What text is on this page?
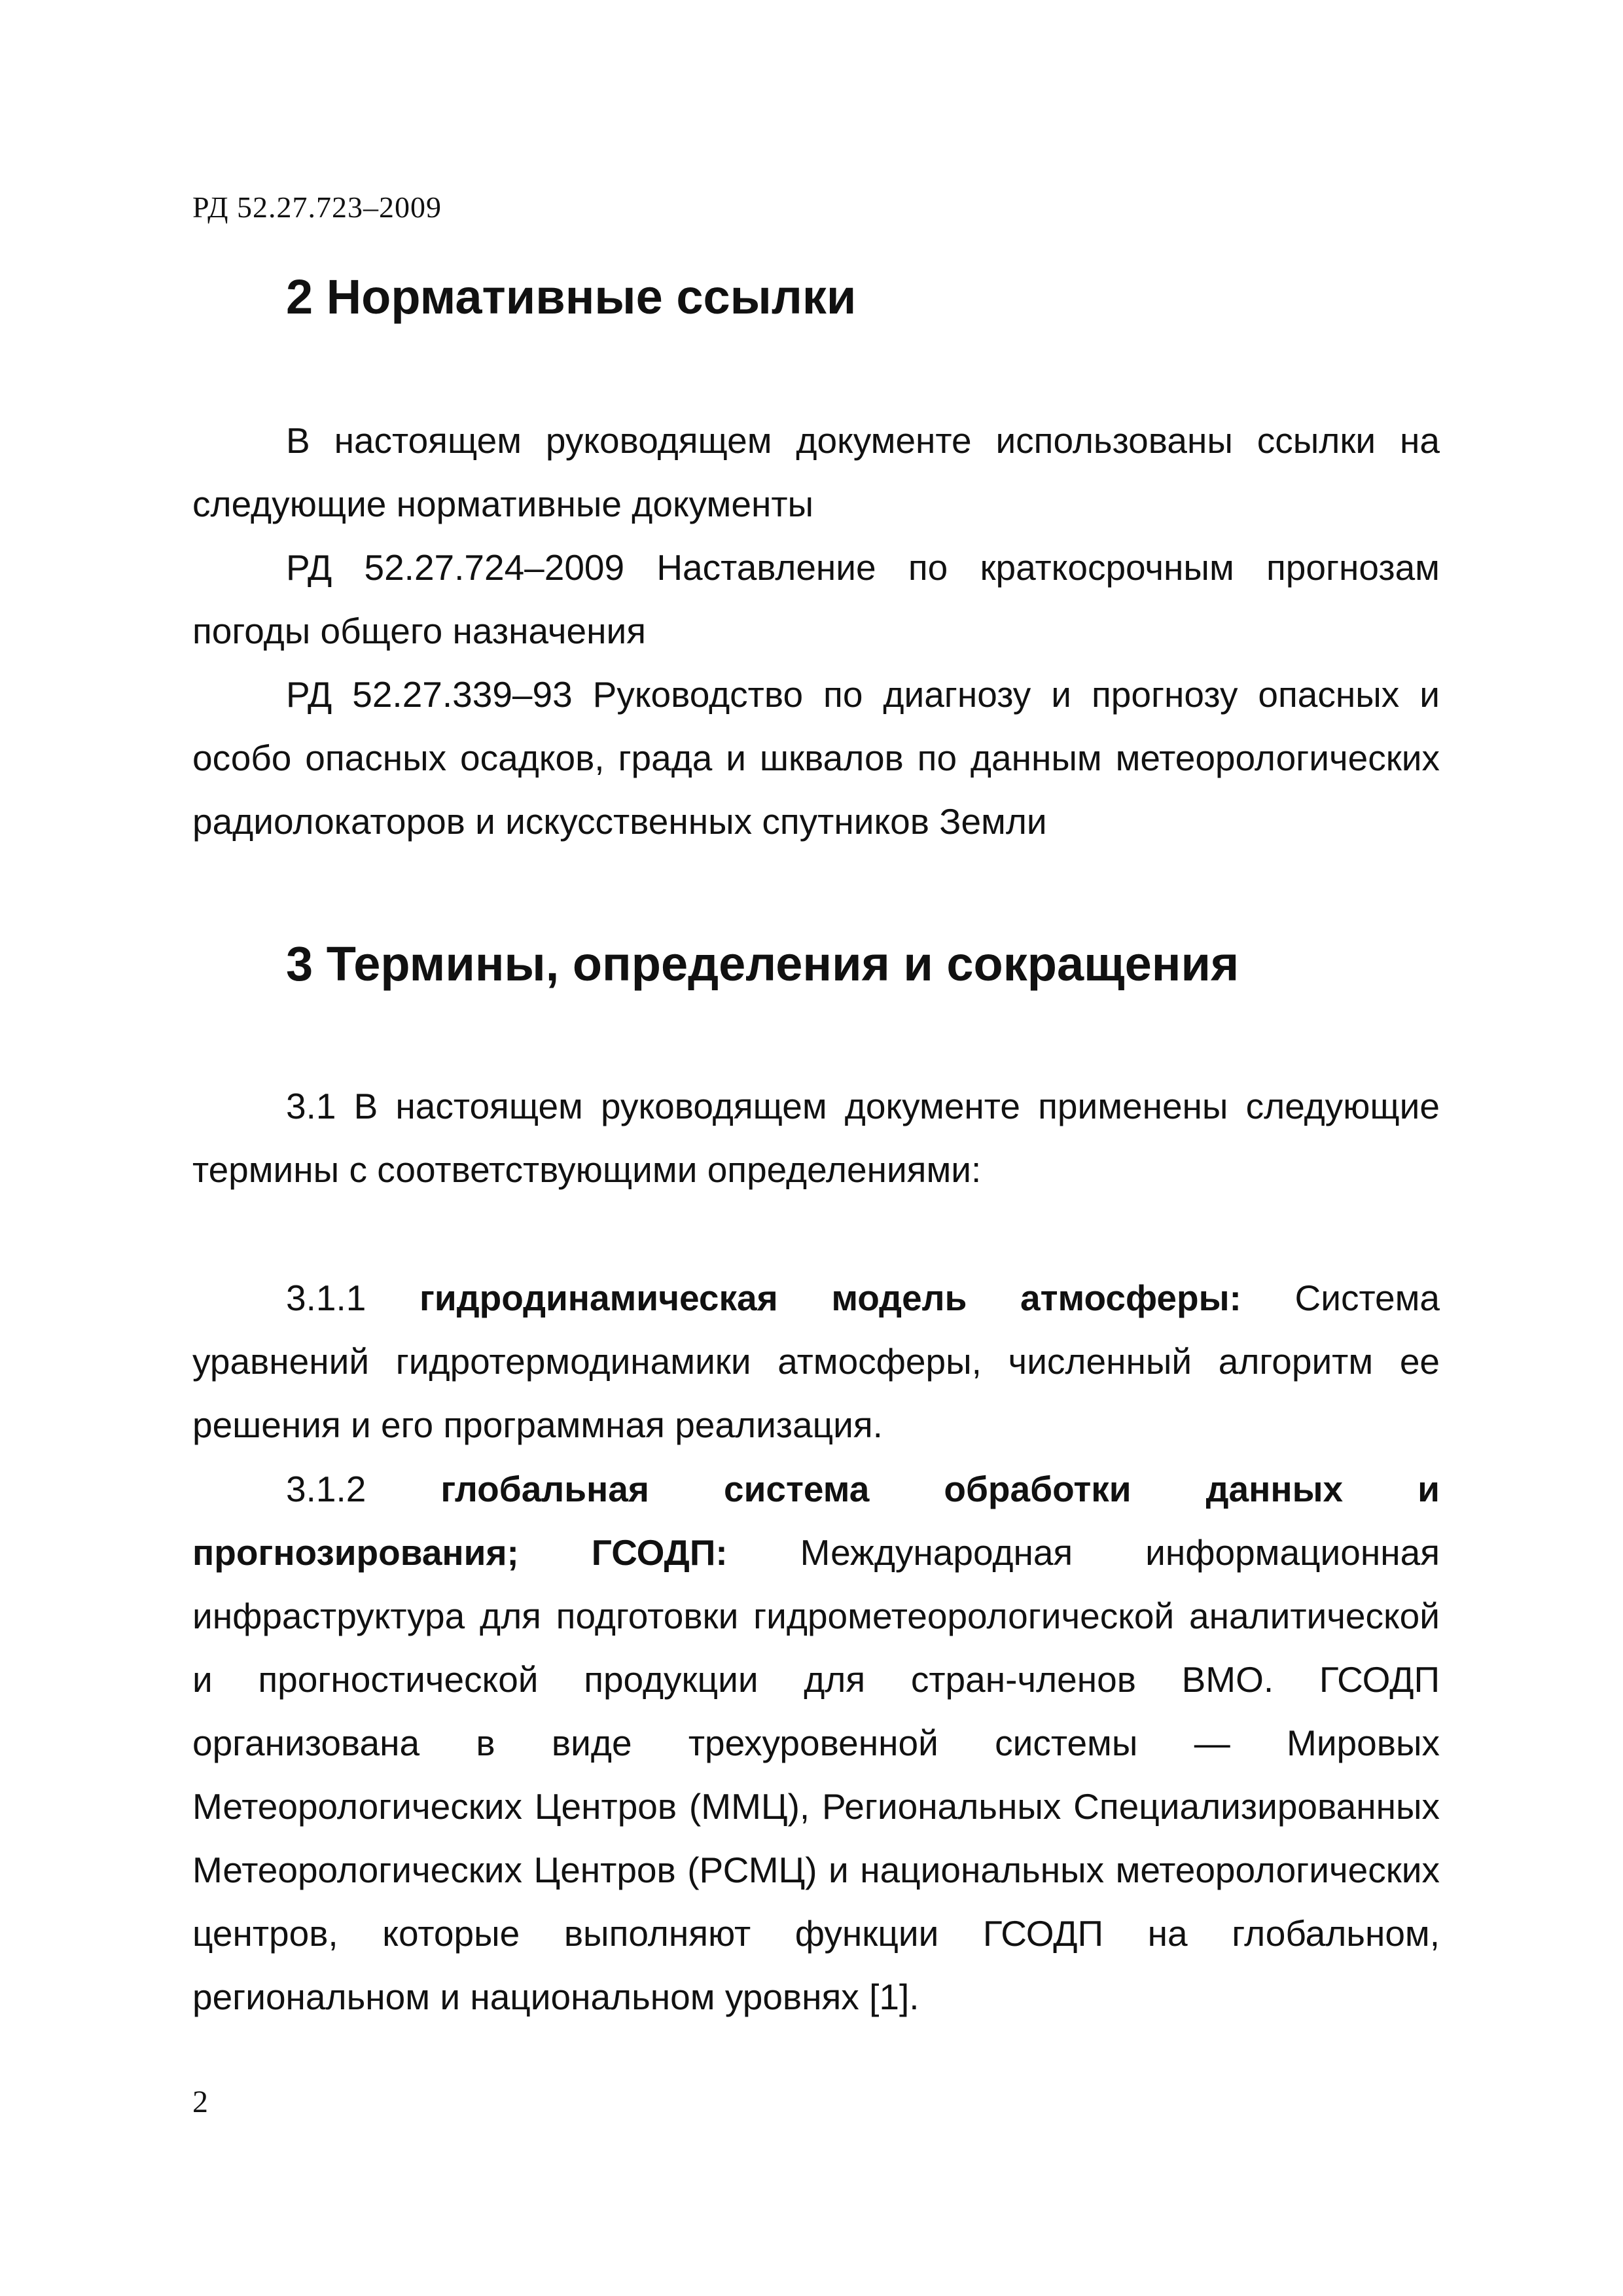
РД 52.27.723–2009
2 Нормативные ссылки

В настоящем руководящем документе использованы ссылки на следующие нормативные документы

РД 52.27.724–2009 Наставление по краткосрочным прогнозам погоды общего назначения

РД 52.27.339–93 Руководство по диагнозу и прогнозу опасных и особо опасных осадков, града и шквалов по данным метеорологических радиолокаторов и искусственных спутников Земли

3 Термины, определения и сокращения

3.1 В настоящем руководящем документе применены следующие термины с соответствующими определениями:

3.1.1 гидродинамическая модель атмосферы: Система уравнений гидротермодинамики атмосферы, численный алгоритм ее решения и его программная реализация.

3.1.2 глобальная система обработки данных и прогнозирования; ГСОДП: Международная информационная инфраструктура для подготовки гидрометеорологической аналитической и прогностической продукции для стран-членов ВМО. ГСОДП организована в виде трехуровенной системы — Мировых Метеорологических Центров (ММЦ), Региональных Специализированных Метеорологических Центров (РСМЦ) и национальных метеорологических центров, которые выполняют функции ГСОДП на глобальном, региональном и национальном уровнях [1].

2
